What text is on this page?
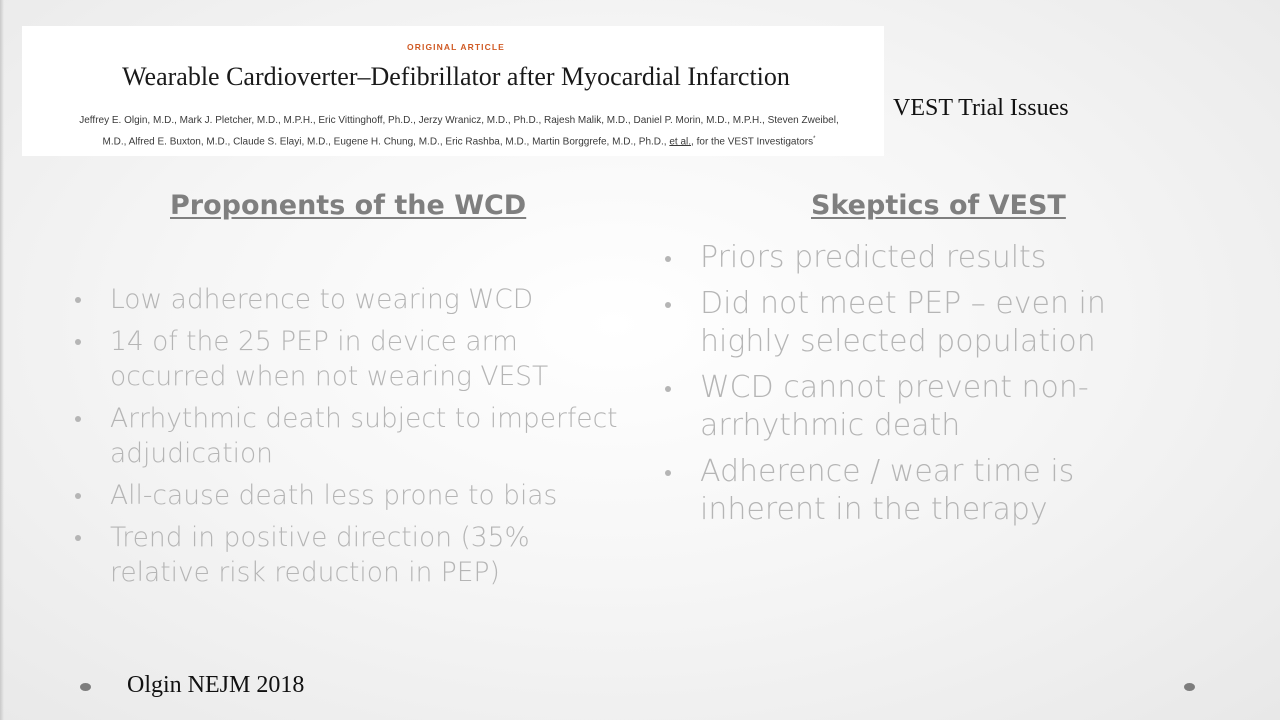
ORIGINAL ARTICLE
Wearable Cardioverter–Defibrillator after Myocardial Infarction
Jeffrey E. Olgin, M.D., Mark J. Pletcher, M.D., M.P.H., Eric Vittinghoff, Ph.D., Jerzy Wranicz, M.D., Ph.D., Rajesh Malik, M.D., Daniel P. Morin, M.D., M.P.H., Steven Zweibel,
M.D., Alfred E. Buxton, M.D., Claude S. Elayi, M.D., Eugene H. Chung, M.D., Eric Rashba, M.D., Martin Borggrefe, M.D., Ph.D., et al., for the VEST Investigators*
VEST Trial Issues
Proponents of the WCD	Skeptics of VEST
Low adherence to wearing WCD
14 of the 25 PEP in device arm occurred when not wearing VEST
Arrhythmic death subject to imperfect adjudication
All-cause death less prone to bias
Trend in positive direction (35% relative risk reduction in PEP)
Priors predicted results
Did not meet PEP – even in highly selected population
WCD cannot prevent non-arrhythmic death
Adherence / wear time is inherent in the therapy
Olgin NEJM 2018
